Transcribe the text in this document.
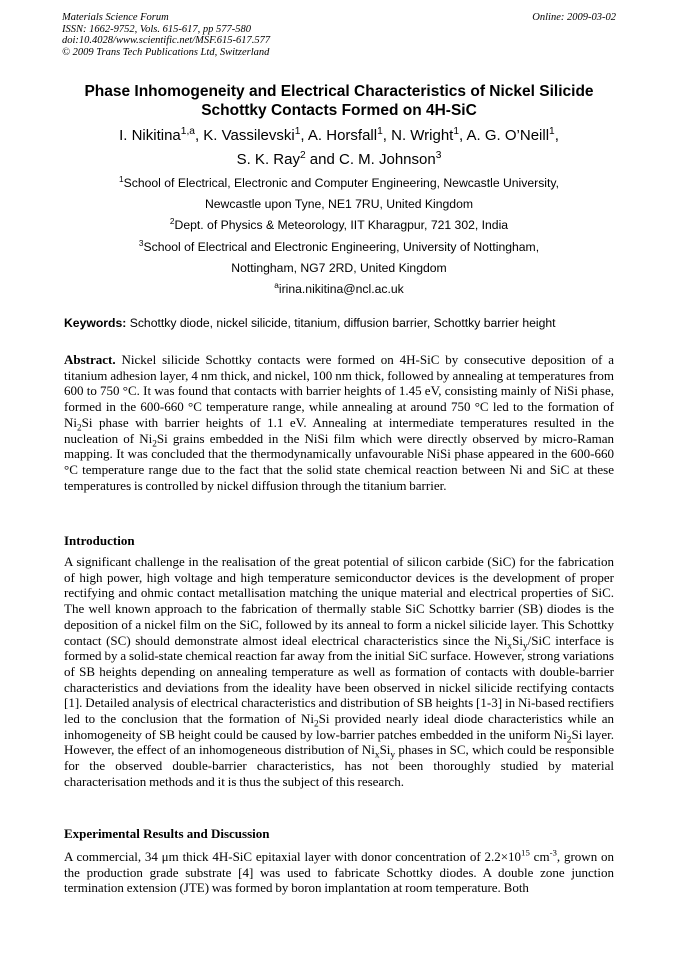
Materials Science Forum
ISSN: 1662-9752, Vols. 615-617, pp 577-580
doi:10.4028/www.scientific.net/MSF.615-617.577
© 2009 Trans Tech Publications Ltd, Switzerland
Online: 2009-03-02
Phase Inhomogeneity and Electrical Characteristics of Nickel Silicide
Schottky Contacts Formed on 4H-SiC
I. Nikitina$^{1,a}$, K. Vassilevski$^1$, A. Horsfall$^1$, N. Wright$^1$, A. G. O’Neill$^1$,
S. K. Ray$^2$ and C. M. Johnson$^3$
$^1$School of Electrical, Electronic and Computer Engineering, Newcastle University,
Newcastle upon Tyne, NE1 7RU, United Kingdom
$^2$Dept. of Physics & Meteorology, IIT Kharagpur, 721 302, India
$^3$School of Electrical and Electronic Engineering, University of Nottingham,
Nottingham, NG7 2RD, United Kingdom
$^a$irina.nikitina@ncl.ac.uk
Keywords: Schottky diode, nickel silicide, titanium, diffusion barrier, Schottky barrier height
Abstract. Nickel silicide Schottky contacts were formed on 4H-SiC by consecutive deposition of a titanium adhesion layer, 4 nm thick, and nickel, 100 nm thick, followed by annealing at temperatures from 600 to 750 °C. It was found that contacts with barrier heights of 1.45 eV, consisting mainly of NiSi phase, formed in the 600-660 °C temperature range, while annealing at around 750 °C led to the formation of $Ni_2Si$ phase with barrier heights of 1.1 eV. Annealing at intermediate temperatures resulted in the nucleation of $Ni_2Si$ grains embedded in the NiSi film which were directly observed by micro-Raman mapping. It was concluded that the thermodynamically unfavourable NiSi phase appeared in the 600-660 °C temperature range due to the fact that the solid state chemical reaction between Ni and SiC at these temperatures is controlled by nickel diffusion through the titanium barrier.
Introduction
A significant challenge in the realisation of the great potential of silicon carbide (SiC) for the fabrication of high power, high voltage and high temperature semiconductor devices is the development of proper rectifying and ohmic contact metallisation matching the unique material and electrical properties of SiC. The well known approach to the fabrication of thermally stable SiC Schottky barrier (SB) diodes is the deposition of a nickel film on the SiC, followed by its anneal to form a nickel silicide layer. This Schottky contact (SC) should demonstrate almost ideal electrical characteristics since the $Ni_xSi_y$/SiC interface is formed by a solid-state chemical reaction far away from the initial SiC surface. However, strong variations of SB heights depending on annealing temperature as well as formation of contacts with double-barrier characteristics and deviations from the ideality have been observed in nickel silicide rectifying contacts [1]. Detailed analysis of electrical characteristics and distribution of SB heights [1-3] in Ni-based rectifiers led to the conclusion that the formation of $Ni_2Si$ provided nearly ideal diode characteristics while an inhomogeneity of SB height could be caused by low-barrier patches embedded in the uniform $Ni_2Si$ layer. However, the effect of an inhomogeneous distribution of $Ni_xSi_y$ phases in SC, which could be responsible for the observed double-barrier characteristics, has not been thoroughly studied by material characterisation methods and it is thus the subject of this research.
Experimental Results and Discussion
A commercial, 34 μm thick 4H-SiC epitaxial layer with donor concentration of $2.2\times 10^{15}$ $cm^{-3}$, grown on the production grade substrate [4] was used to fabricate Schottky diodes. A double zone junction termination extension (JTE) was formed by boron implantation at room temperature. Both
